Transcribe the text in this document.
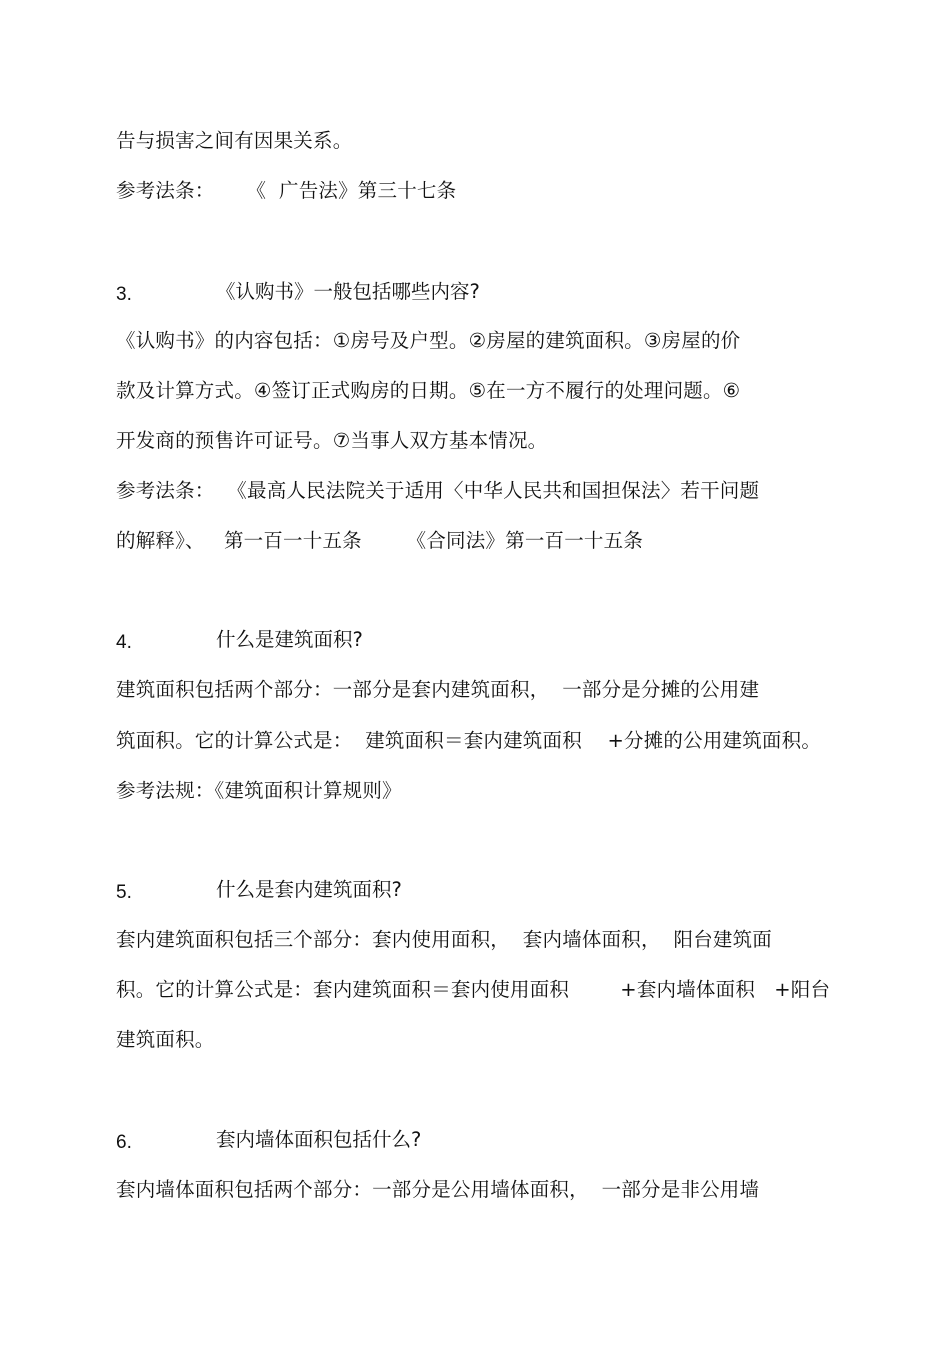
告与损害之间有因果关系。
参考法条：     《  广告法》第三十七条
3.	《认购书》一般包括哪些内容?
《认购书》的内容包括：①房号及户型。②房屋的建筑面积。③房屋的价
款及计算方式。④签订正式购房的日期。⑤在一方不履行的处理问题。⑥
开发商的预售许可证号。⑦当事人双方基本情况。
参考法条：  《最高人民法院关于适用〈中华人民共和国担保法〉若干问题
的解释》、   第一百一十五条       《合同法》第一百一十五条
4.	什么是建筑面积?
建筑面积包括两个部分：一部分是套内建筑面积，  一部分是分摊的公用建
筑面积。它的计算公式是：  建筑面积＝套内建筑面积    +分摊的公用建筑面积。
参考法规：《建筑面积计算规则》
5.	什么是套内建筑面积?
套内建筑面积包括三个部分：套内使用面积，  套内墙体面积，  阳台建筑面
积。它的计算公式是：套内建筑面积＝套内使用面积        +套内墙体面积   +阳台
建筑面积。
6.	套内墙体面积包括什么?
套内墙体面积包括两个部分：一部分是公用墙体面积，  一部分是非公用墙
